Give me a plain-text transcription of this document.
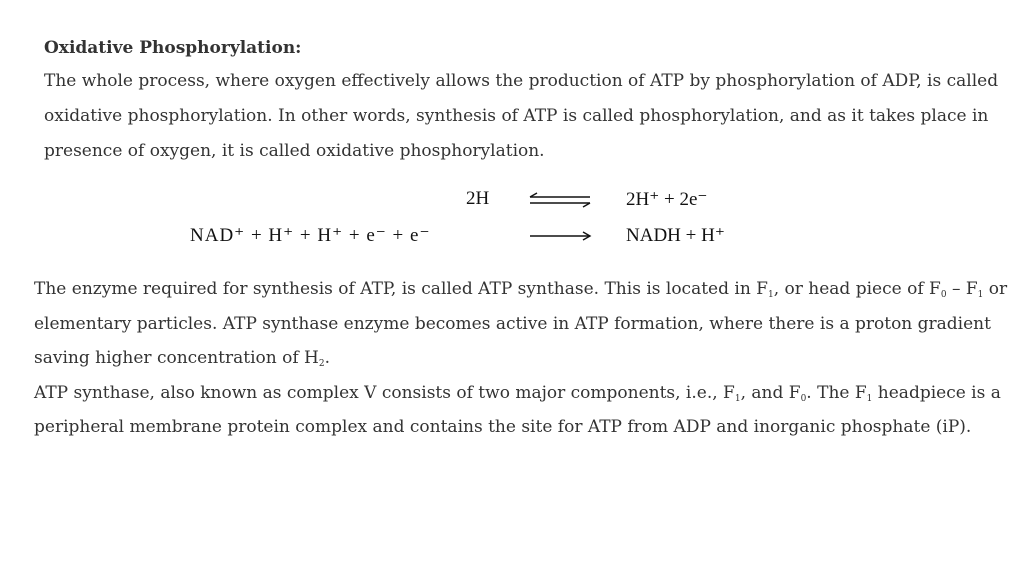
Oxidative Phosphorylation:

The whole process, where oxygen effectively allows the production of ATP by phosphorylation of ADP, is called oxidative phosphorylation. In other words, synthesis of ATP is called phosphorylation, and as it takes place in presence of oxygen, it is called oxidative phosphorylation.

2H	2H⁺ + 2e⁻
NAD⁺ + H⁺ + H⁺ + e⁻ + e⁻	NADH + H⁺

The enzyme required for synthesis of ATP, is called ATP synthase. This is located in $F_1$, or head piece of $F_0 - F_1$ or elementary particles. ATP synthase enzyme becomes active in ATP formation, where there is a proton gradient saving higher concentration of $H_2$.

ATP synthase, also known as complex V consists of two major components, i.e., $F_1$, and $F_0$. The $F_1$ headpiece is a peripheral membrane protein complex and contains the site for ATP from ADP and inorganic phosphate (iP).
